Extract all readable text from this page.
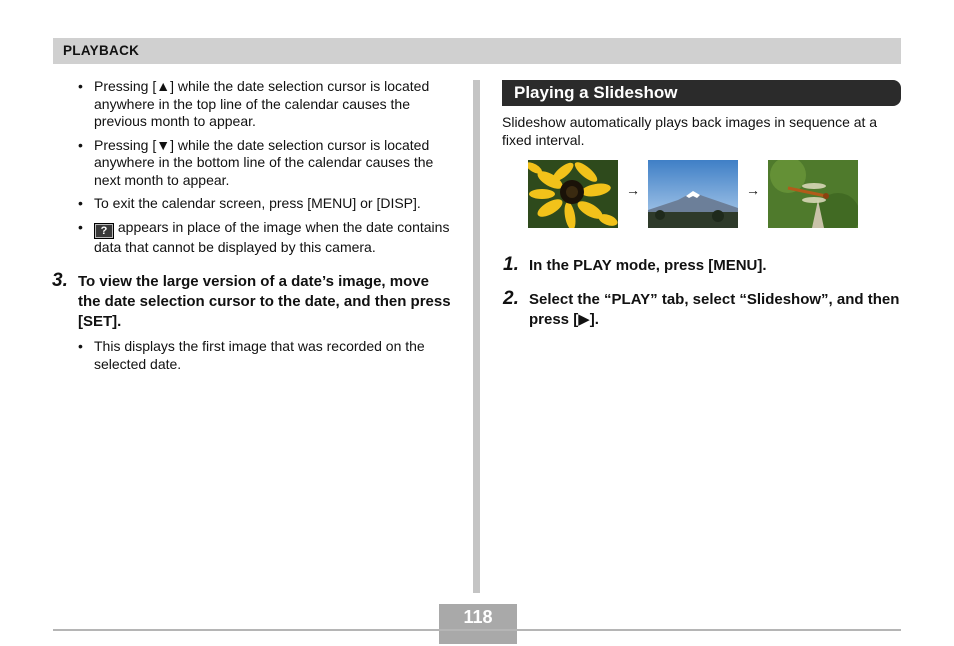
PLAYBACK
• Pressing [▲] while the date selection cursor is located anywhere in the top line of the calendar causes the previous month to appear.
• Pressing [▼] while the date selection cursor is located anywhere in the bottom line of the calendar causes the next month to appear.
• To exit the calendar screen, press [MENU] or [DISP].
• ? appears in place of the image when the date contains data that cannot be displayed by this camera.
3. To view the large version of a date’s image, move the date selection cursor to the date, and then press [SET].
• This displays the first image that was recorded on the selected date.
Playing a Slideshow
Slideshow automatically plays back images in sequence at a fixed interval.
→	→
1. In the PLAY mode, press [MENU].
2. Select the “PLAY” tab, select “Slideshow”, and then press [▶].
118
